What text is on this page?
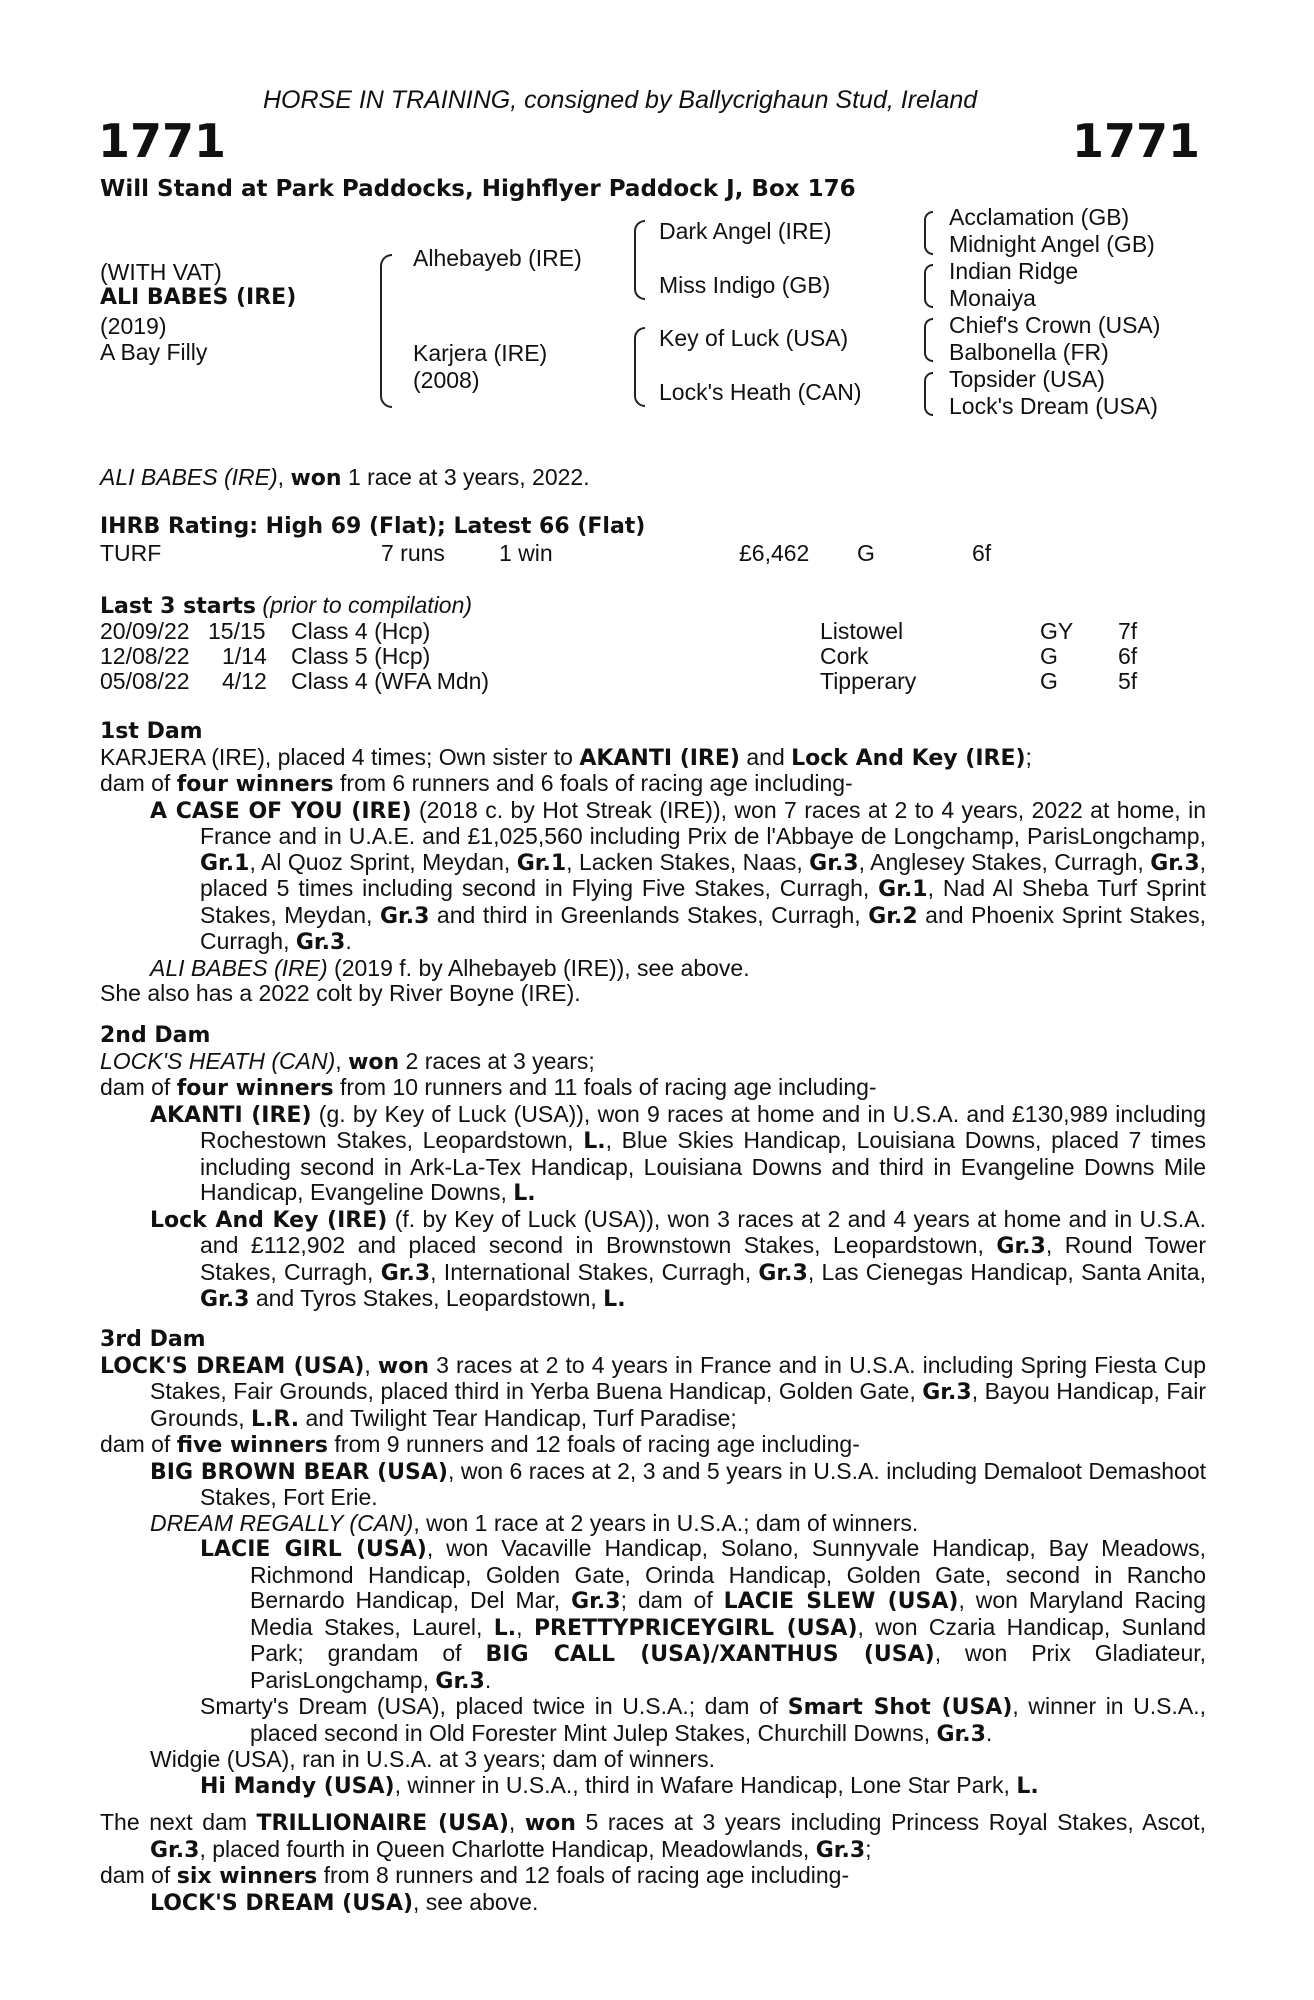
HORSE IN TRAINING, consigned by Ballycrighaun Stud, Ireland
1771	1771
Will Stand at Park Paddocks, Highflyer Paddock J, Box 176
(WITH VAT)
ALI BABES (IRE)
(2019)
A Bay Filly
Alhebayeb (IRE)
Karjera (IRE)
(2008)
Dark Angel (IRE)
Miss Indigo (GB)
Key of Luck (USA)
Lock's Heath (CAN)
Acclamation (GB)
Midnight Angel (GB)
Indian Ridge
Monaiya
Chief's Crown (USA)
Balbonella (FR)
Topsider (USA)
Lock's Dream (USA)
ALI BABES (IRE), won 1 race at 3 years, 2022.
IHRB Rating: High 69 (Flat); Latest 66 (Flat)
TURF	7 runs 1 win	£6,462 G	6f
Last 3 starts (prior to compilation)
20/09/22 15/15 Class 4 (Hcp)	Listowel	GY 7f
12/08/22 1/14 Class 5 (Hcp)	Cork	G	6f
05/08/22 4/12 Class 4 (WFA Mdn)	Tipperary	G	5f

1st Dam

KARJERA (IRE), placed 4 times; Own sister to AKANTI (IRE) and Lock And Key (IRE);

dam of four winners from 6 runners and 6 foals of racing age including-

A CASE OF YOU (IRE) (2018 c. by Hot Streak (IRE)), won 7 races at 2 to 4 years, 2022 at home, in France and in U.A.E. and £1,025,560 including Prix de l'Abbaye de Longchamp, ParisLongchamp, Gr.1, Al Quoz Sprint, Meydan, Gr.1, Lacken Stakes, Naas, Gr.3, Anglesey Stakes, Curragh, Gr.3, placed 5 times including second in Flying Five Stakes, Curragh, Gr.1, Nad Al Sheba Turf Sprint Stakes, Meydan, Gr.3 and third in Greenlands Stakes, Curragh, Gr.2 and Phoenix Sprint Stakes, Curragh, Gr.3.

ALI BABES (IRE) (2019 f. by Alhebayeb (IRE)), see above.

She also has a 2022 colt by River Boyne (IRE).

2nd Dam

LOCK'S HEATH (CAN), won 2 races at 3 years;

dam of four winners from 10 runners and 11 foals of racing age including-

AKANTI (IRE) (g. by Key of Luck (USA)), won 9 races at home and in U.S.A. and £130,989 including Rochestown Stakes, Leopardstown, L., Blue Skies Handicap, Louisiana Downs, placed 7 times including second in Ark-La-Tex Handicap, Louisiana Downs and third in Evangeline Downs Mile Handicap, Evangeline Downs, L.

Lock And Key (IRE) (f. by Key of Luck (USA)), won 3 races at 2 and 4 years at home and in U.S.A. and £112,902 and placed second in Brownstown Stakes, Leopardstown, Gr.3, Round Tower Stakes, Curragh, Gr.3, International Stakes, Curragh, Gr.3, Las Cienegas Handicap, Santa Anita, Gr.3 and Tyros Stakes, Leopardstown, L.

3rd Dam

LOCK'S DREAM (USA), won 3 races at 2 to 4 years in France and in U.S.A. including Spring Fiesta Cup Stakes, Fair Grounds, placed third in Yerba Buena Handicap, Golden Gate, Gr.3, Bayou Handicap, Fair Grounds, L.R. and Twilight Tear Handicap, Turf Paradise;

dam of five winners from 9 runners and 12 foals of racing age including-

BIG BROWN BEAR (USA), won 6 races at 2, 3 and 5 years in U.S.A. including Demaloot Demashoot Stakes, Fort Erie.

DREAM REGALLY (CAN), won 1 race at 2 years in U.S.A.; dam of winners.

LACIE GIRL (USA), won Vacaville Handicap, Solano, Sunnyvale Handicap, Bay Meadows, Richmond Handicap, Golden Gate, Orinda Handicap, Golden Gate, second in Rancho Bernardo Handicap, Del Mar, Gr.3; dam of LACIE SLEW (USA), won Maryland Racing Media Stakes, Laurel, L., PRETTYPRICEYGIRL (USA), won Czaria Handicap, Sunland Park; grandam of BIG CALL (USA)/XANTHUS (USA), won Prix Gladiateur, ParisLongchamp, Gr.3.

Smarty's Dream (USA), placed twice in U.S.A.; dam of Smart Shot (USA), winner in U.S.A., placed second in Old Forester Mint Julep Stakes, Churchill Downs, Gr.3.

Widgie (USA), ran in U.S.A. at 3 years; dam of winners.

Hi Mandy (USA), winner in U.S.A., third in Wafare Handicap, Lone Star Park, L.

The next dam TRILLIONAIRE (USA), won 5 races at 3 years including Princess Royal Stakes, Ascot, Gr.3, placed fourth in Queen Charlotte Handicap, Meadowlands, Gr.3;

dam of six winners from 8 runners and 12 foals of racing age including-

LOCK'S DREAM (USA), see above.
